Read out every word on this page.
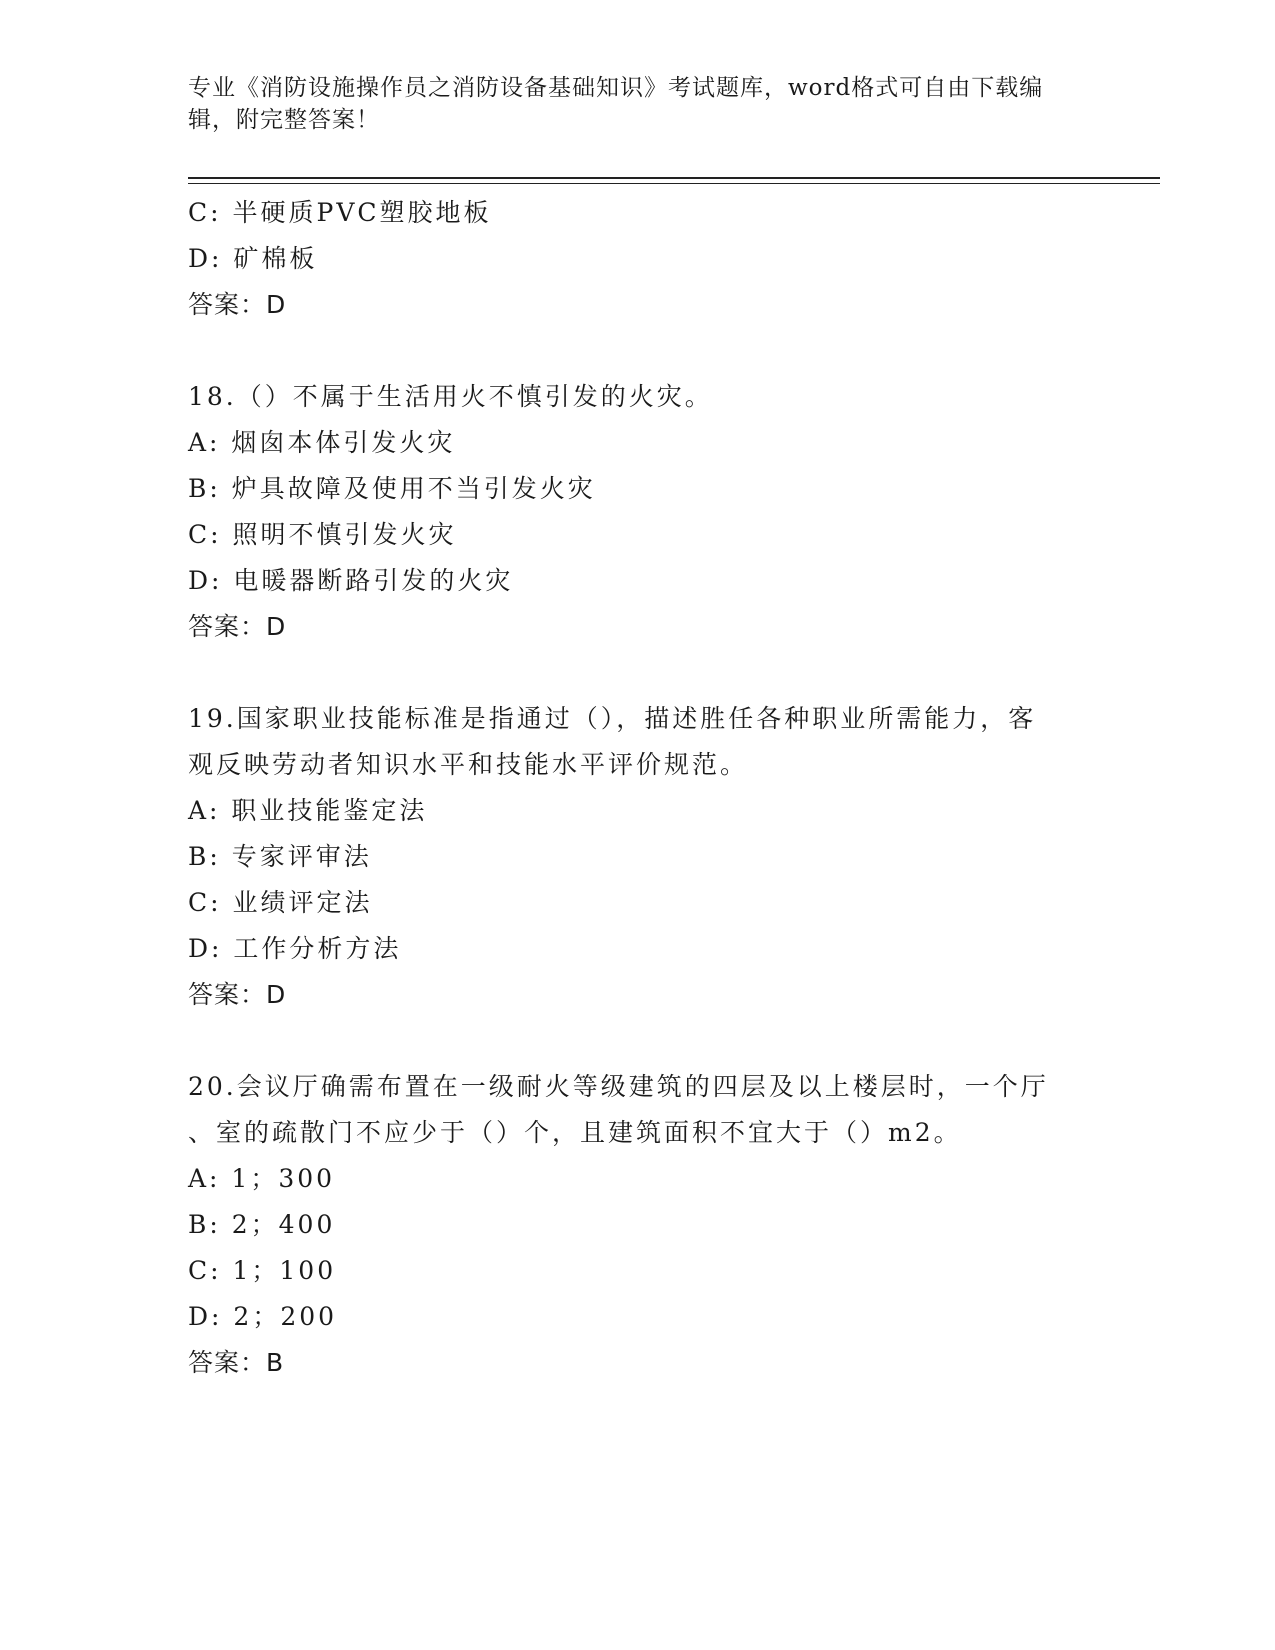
专业《消防设施操作员之消防设备基础知识》考试题库，word格式可自由下载编辑，附完整答案！
C: 半硬质PVC塑胶地板
D: 矿棉板
答案：D
18.（）不属于生活用火不慎引发的火灾。
A: 烟囱本体引发火灾
B: 炉具故障及使用不当引发火灾
C: 照明不慎引发火灾
D: 电暖器断路引发的火灾
答案：D
19.国家职业技能标准是指通过（），描述胜任各种职业所需能力，客
观反映劳动者知识水平和技能水平评价规范。
A: 职业技能鉴定法
B: 专家评审法
C: 业绩评定法
D: 工作分析方法
答案：D
20.会议厅确需布置在一级耐火等级建筑的四层及以上楼层时，一个厅
、室的疏散门不应少于（）个，且建筑面积不宜大于（）m2。
A: 1；300
B: 2；400
C: 1；100
D: 2；200
答案：B
